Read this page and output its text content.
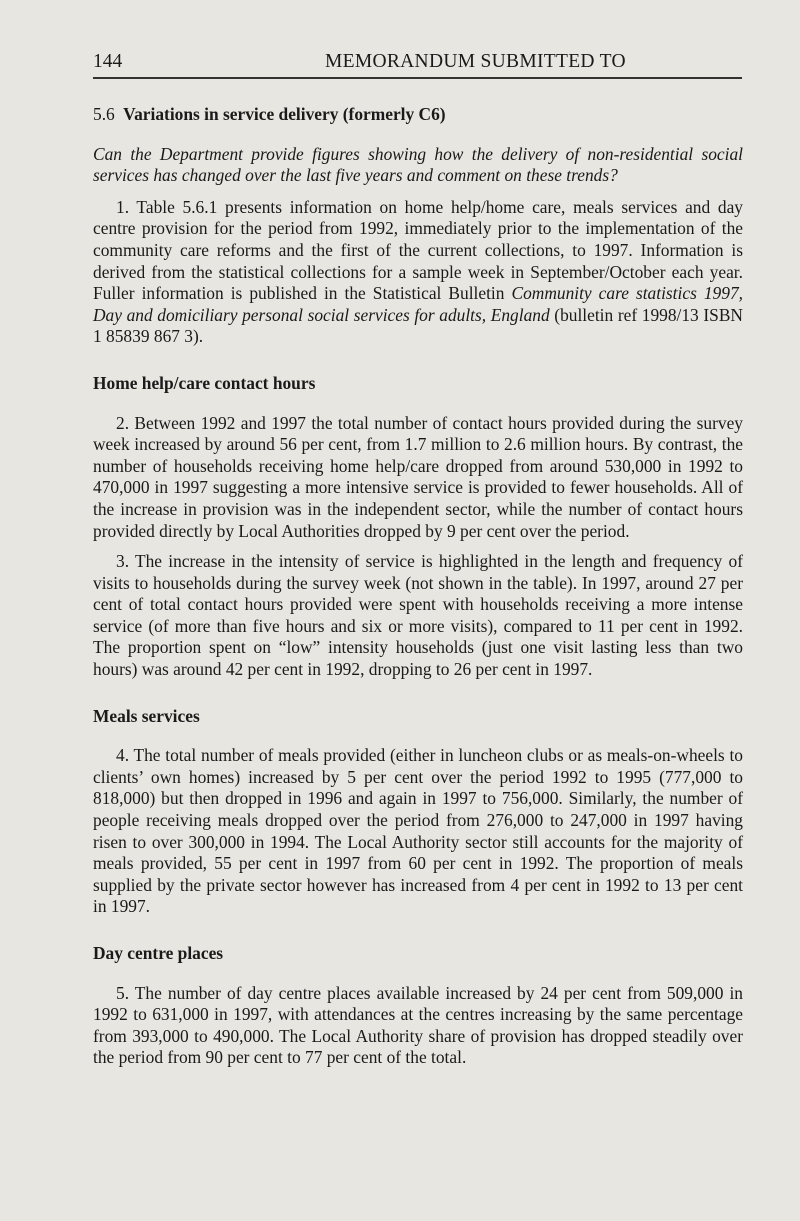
144	MEMORANDUM SUBMITTED TO

5.6 Variations in service delivery (formerly C6)

Can the Department provide figures showing how the delivery of non-residential social services has changed over the last five years and comment on these trends?

1. Table 5.6.1 presents information on home help/home care, meals services and day centre provision for the period from 1992, immediately prior to the implementation of the community care reforms and the first of the current collections, to 1997. Information is derived from the statistical collections for a sample week in September/October each year. Fuller information is published in the Statistical Bulletin Community care statistics 1997, Day and domiciliary personal social services for adults, England (bulletin ref 1998/13 ISBN 1 85839 867 3).

Home help/care contact hours

2. Between 1992 and 1997 the total number of contact hours provided during the survey week increased by around 56 per cent, from 1.7 million to 2.6 million hours. By contrast, the number of households receiving home help/care dropped from around 530,000 in 1992 to 470,000 in 1997 suggesting a more intensive service is provided to fewer households. All of the increase in provision was in the independent sector, while the number of contact hours provided directly by Local Authorities dropped by 9 per cent over the period.

3. The increase in the intensity of service is highlighted in the length and frequency of visits to households during the survey week (not shown in the table). In 1997, around 27 per cent of total contact hours provided were spent with households receiving a more intense service (of more than five hours and six or more visits), compared to 11 per cent in 1992. The proportion spent on “low” intensity households (just one visit lasting less than two hours) was around 42 per cent in 1992, dropping to 26 per cent in 1997.

Meals services

4. The total number of meals provided (either in luncheon clubs or as meals-on-wheels to clients’ own homes) increased by 5 per cent over the period 1992 to 1995 (777,000 to 818,000) but then dropped in 1996 and again in 1997 to 756,000. Similarly, the number of people receiving meals dropped over the period from 276,000 to 247,000 in 1997 having risen to over 300,000 in 1994. The Local Authority sector still accounts for the majority of meals provided, 55 per cent in 1997 from 60 per cent in 1992. The proportion of meals supplied by the private sector however has increased from 4 per cent in 1992 to 13 per cent in 1997.

Day centre places

5. The number of day centre places available increased by 24 per cent from 509,000 in 1992 to 631,000 in 1997, with attendances at the centres increasing by the same percentage from 393,000 to 490,000. The Local Authority share of provision has dropped steadily over the period from 90 per cent to 77 per cent of the total.
